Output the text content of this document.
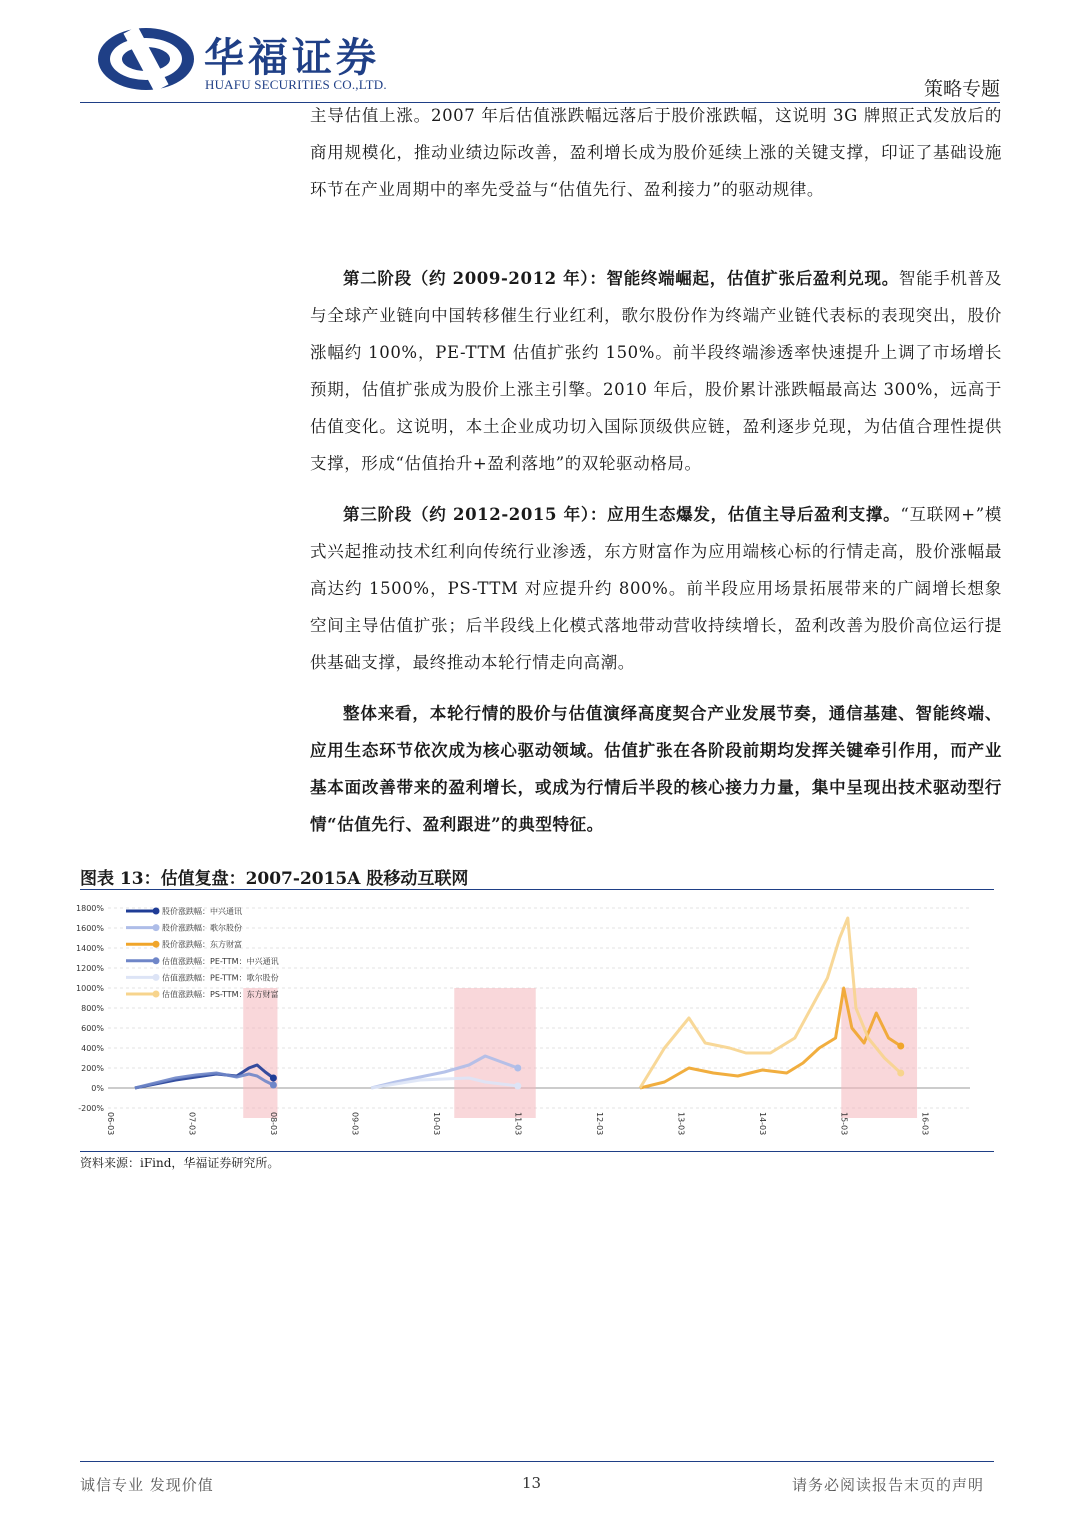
华福证券
HUAFU SECURITIES CO.,LTD.	策略专题

主导估值上涨。2007 年后估值涨跌幅远落后于股价涨跌幅，这说明 3G 牌照正式发放后的商用规模化，推动业绩边际改善，盈利增长成为股价延续上涨的关键支撑，印证了基础设施环节在产业周期中的率先受益与“估值先行、盈利接力”的驱动规律。

第二阶段（约 2009-2012 年）：智能终端崛起，估值扩张后盈利兑现。智能手机普及与全球产业链向中国转移催生行业红利，歌尔股份作为终端产业链代表标的表现突出，股价涨幅约 100%，PE-TTM 估值扩张约 150%。前半段终端渗透率快速提升上调了市场增长预期，估值扩张成为股价上涨主引擎。2010 年后，股价累计涨跌幅最高达 300%，远高于估值变化。这说明，本土企业成功切入国际顶级供应链，盈利逐步兑现，为估值合理性提供支撑，形成“估值抬升+盈利落地”的双轮驱动格局。

第三阶段（约 2012-2015 年）：应用生态爆发，估值主导后盈利支撑。“互联网+”模式兴起推动技术红利向传统行业渗透，东方财富作为应用端核心标的行情走高，股价涨幅最高达约 1500%，PS-TTM 对应提升约 800%。前半段应用场景拓展带来的广阔增长想象空间主导估值扩张；后半段线上化模式落地带动营收持续增长，盈利改善为股价高位运行提供基础支撑，最终推动本轮行情走向高潮。

整体来看，本轮行情的股价与估值演绎高度契合产业发展节奏，通信基建、智能终端、应用生态环节依次成为核心驱动领域。估值扩张在各阶段前期均发挥关键牵引作用，而产业基本面改善带来的盈利增长，或成为行情后半段的核心接力力量，集中呈现出技术驱动型行情“估值先行、盈利跟进”的典型特征。

图表 13：估值复盘：2007-2015A 股移动互联网
-200%
0%
200%
400%
600%
800%
1000%
1200%
1400%
1600%
1800%
06-03	07-03	08-03	09-03	10-03	11-03	12-03	13-03	14-03	15-03	16-03
股价涨跌幅：中兴通讯
股价涨跌幅：歌尔股份
股价涨跌幅：东方财富
估值涨跌幅：PE-TTM：中兴通讯
估值涨跌幅：PE-TTM：歌尔股份
估值涨跌幅：PS-TTM：东方财富
资料来源：iFind，华福证券研究所。
诚信专业 发现价值	13	请务必阅读报告末页的声明
